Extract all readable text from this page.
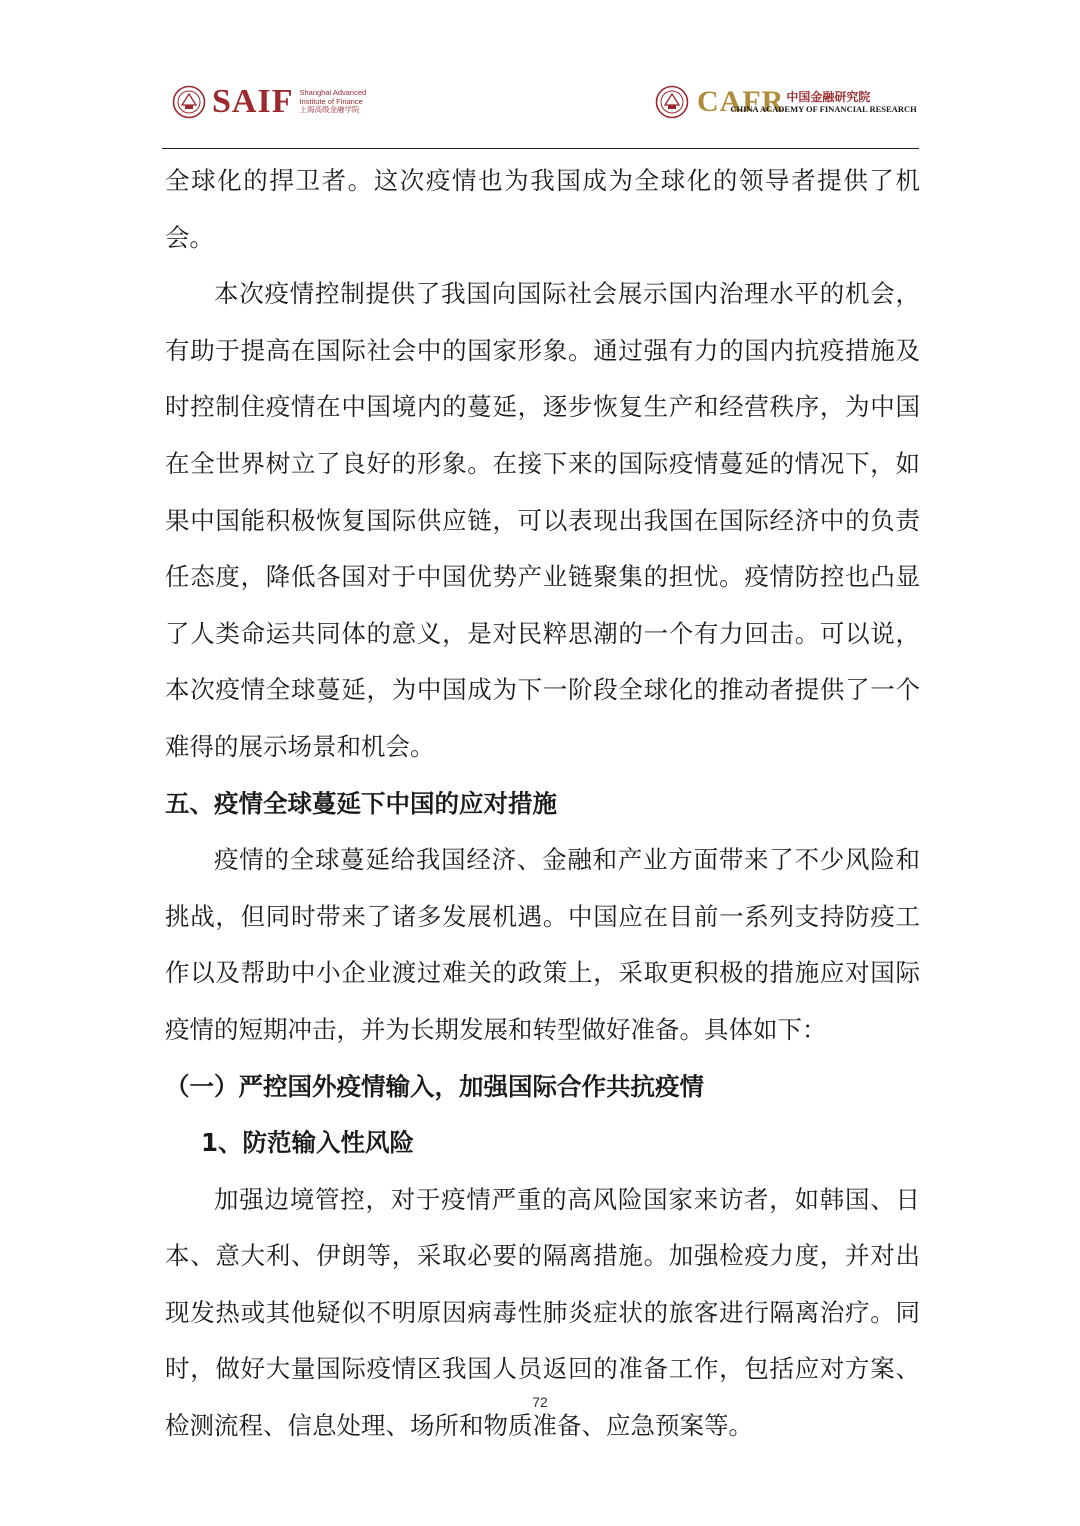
SAIF Shanghai Advanced
Institute of Finance
上海高级金融学院	CAFR 中国金融研究院
CHINA ACADEMY OF FINANCIAL RESEARCH

全球化的捍卫者。这次疫情也为我国成为全球化的领导者提供了机会。

本次疫情控制提供了我国向国际社会展示国内治理水平的机会，有助于提高在国际社会中的国家形象。通过强有力的国内抗疫措施及时控制住疫情在中国境内的蔓延，逐步恢复生产和经营秩序，为中国在全世界树立了良好的形象。在接下来的国际疫情蔓延的情况下，如果中国能积极恢复国际供应链，可以表现出我国在国际经济中的负责任态度，降低各国对于中国优势产业链聚集的担忧。疫情防控也凸显了人类命运共同体的意义，是对民粹思潮的一个有力回击。可以说，本次疫情全球蔓延，为中国成为下一阶段全球化的推动者提供了一个难得的展示场景和机会。

五、疫情全球蔓延下中国的应对措施

疫情的全球蔓延给我国经济、金融和产业方面带来了不少风险和挑战，但同时带来了诸多发展机遇。中国应在目前一系列支持防疫工作以及帮助中小企业渡过难关的政策上，采取更积极的措施应对国际疫情的短期冲击，并为长期发展和转型做好准备。具体如下：

（一）严控国外疫情输入，加强国际合作共抗疫情

1、防范输入性风险

加强边境管控，对于疫情严重的高风险国家来访者，如韩国、日本、意大利、伊朗等，采取必要的隔离措施。加强检疫力度，并对出现发热或其他疑似不明原因病毒性肺炎症状的旅客进行隔离治疗。同时，做好大量国际疫情区我国人员返回的准备工作，包括应对方案、检测流程、信息处理、场所和物质准备、应急预案等。

72
